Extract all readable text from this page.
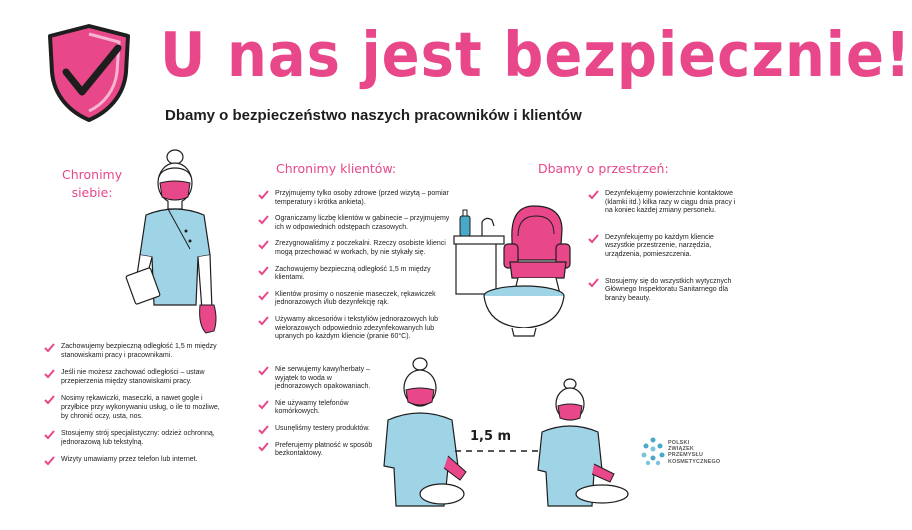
U nas jest bezpiecznie!
Dbamy o bezpieczeństwo naszych pracowników i klientów
Chronimy
siebie:
Zachowujemy bezpieczną odległość 1,5 m między stanowiskami pracy i pracownikami.
Jeśli nie możesz zachować odległości – ustaw przepierzenia między stanowiskami pracy.
Nosimy rękawiczki, maseczki, a nawet gogle i przyłbice przy wykonywaniu usług, o ile to możliwe, by chronić oczy, usta, nos.
Stosujemy strój specjalistyczny: odzież ochronną, jednorazową lub tekstylną.
Wizyty umawiamy przez telefon lub internet.
Chronimy klientów:
Przyjmujemy tylko osoby zdrowe (przed wizytą – pomiar temperatury i krótka ankieta).
Ograniczamy liczbę klientów w gabinecie – przyjmujemy ich w odpowiednich odstępach czasowych.
Zrezygnowaliśmy z poczekalni. Rzeczy osobiste klienci mogą przechować w workach, by nie stykały się.
Zachowujemy bezpieczną odległość 1,5 m między klientami.
Klientów prosimy o noszenie maseczek, rękawiczek jednorazowych i/lub dezynfekcję rąk.
Używamy akcesoriów i tekstyliów jednorazowych lub wielorazowych odpowiednio zdezynfekowanych lub upranych po każdym kliencie (pranie 60°C).
Nie serwujemy kawy/herbaty – wyjątek to woda w jednorazowych opakowaniach.
Nie używamy telefonów komórkowych.
Usunęliśmy testery produktów.
Preferujemy płatność w sposób bezkontaktowy.
Dbamy o przestrzeń:
Dezynfekujemy powierzchnie kontaktowe (klamki itd.) kilka razy w ciągu dnia pracy i na koniec każdej zmiany personelu.
Dezynfekujemy po każdym kliencie wszystkie przestrzenie, narzędzia, urządzenia, pomieszczenia.
Stosujemy się do wszystkich wytycznych Głównego Inspektoratu Sanitarnego dla branży beauty.
1,5 m	POLSKI
ZWIĄZEK
PRZEMYSŁU
KOSMETYCZNEGO
